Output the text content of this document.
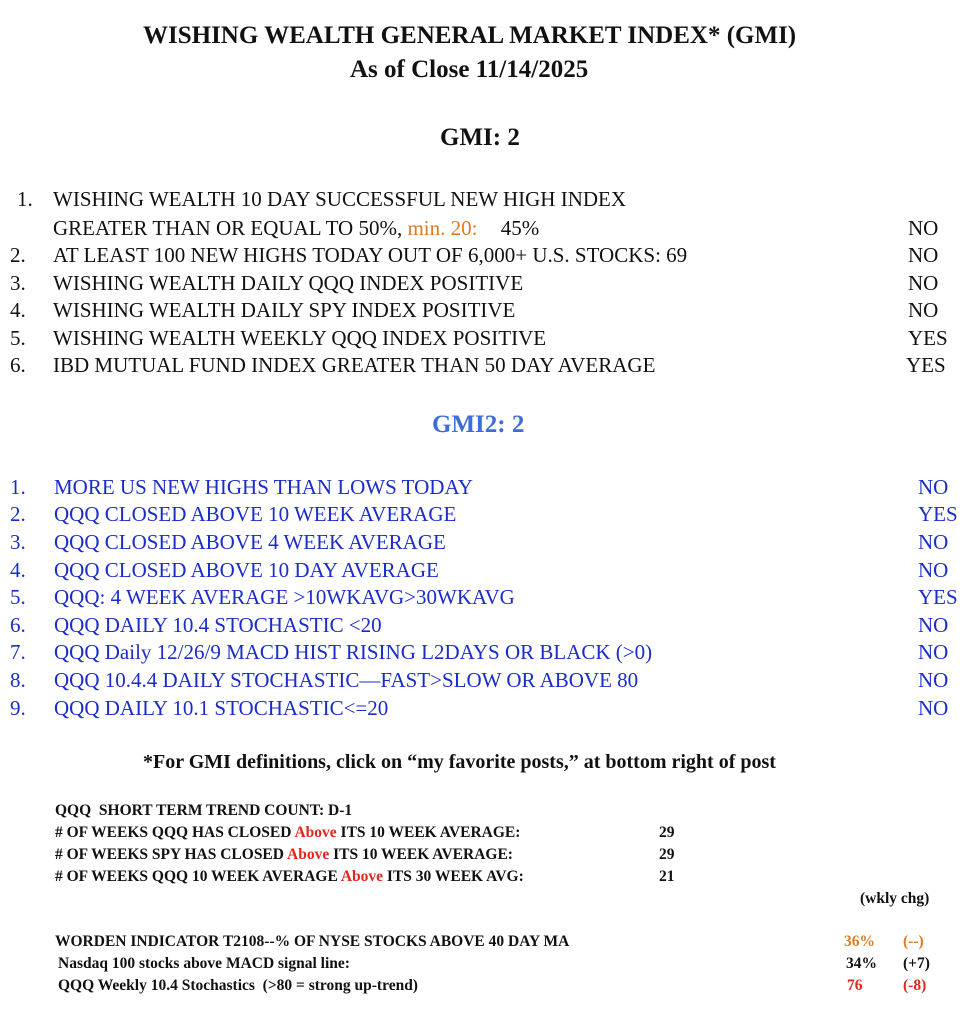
WISHING WEALTH GENERAL MARKET INDEX* (GMI)
As of Close 11/14/2025
GMI: 2
1. WISHING WEALTH 10 DAY SUCCESSFUL NEW HIGH INDEX
GREATER THAN OR EQUAL TO 50%, min. 20: 45%	NO
2. AT LEAST 100 NEW HIGHS TODAY OUT OF 6,000+ U.S. STOCKS: 69	NO
3. WISHING WEALTH DAILY QQQ INDEX POSITIVE	NO
4. WISHING WEALTH DAILY SPY INDEX POSITIVE	NO
5. WISHING WEALTH WEEKLY QQQ INDEX POSITIVE	YES
6. IBD MUTUAL FUND INDEX GREATER THAN 50 DAY AVERAGE	YES
GMI2: 2
1. MORE US NEW HIGHS THAN LOWS TODAY	NO
2. QQQ CLOSED ABOVE 10 WEEK AVERAGE	YES
3. QQQ CLOSED ABOVE 4 WEEK AVERAGE	NO
4. QQQ CLOSED ABOVE 10 DAY AVERAGE	NO
5. QQQ: 4 WEEK AVERAGE >10WKAVG>30WKAVG	YES
6. QQQ DAILY 10.4 STOCHASTIC <20	NO
7. QQQ Daily 12/26/9 MACD HIST RISING L2DAYS OR BLACK (>0)	NO
8. QQQ 10.4.4 DAILY STOCHASTIC—FAST>SLOW OR ABOVE 80	NO
9. QQQ DAILY 10.1 STOCHASTIC<=20	NO
*For GMI definitions, click on “my favorite posts,” at bottom right of post
QQQ  SHORT TERM TREND COUNT: D-1
# OF WEEKS QQQ HAS CLOSED Above ITS 10 WEEK AVERAGE:	29
# OF WEEKS SPY HAS CLOSED Above ITS 10 WEEK AVERAGE:	29
# OF WEEKS QQQ 10 WEEK AVERAGE Above ITS 30 WEEK AVG:	21
(wkly chg)
WORDEN INDICATOR T2108--% OF NYSE STOCKS ABOVE 40 DAY MA	36% (--)
Nasdaq 100 stocks above MACD signal line:	34% (+7)
QQQ Weekly 10.4 Stochastics  (>80 = strong up-trend)	76	(-8)
